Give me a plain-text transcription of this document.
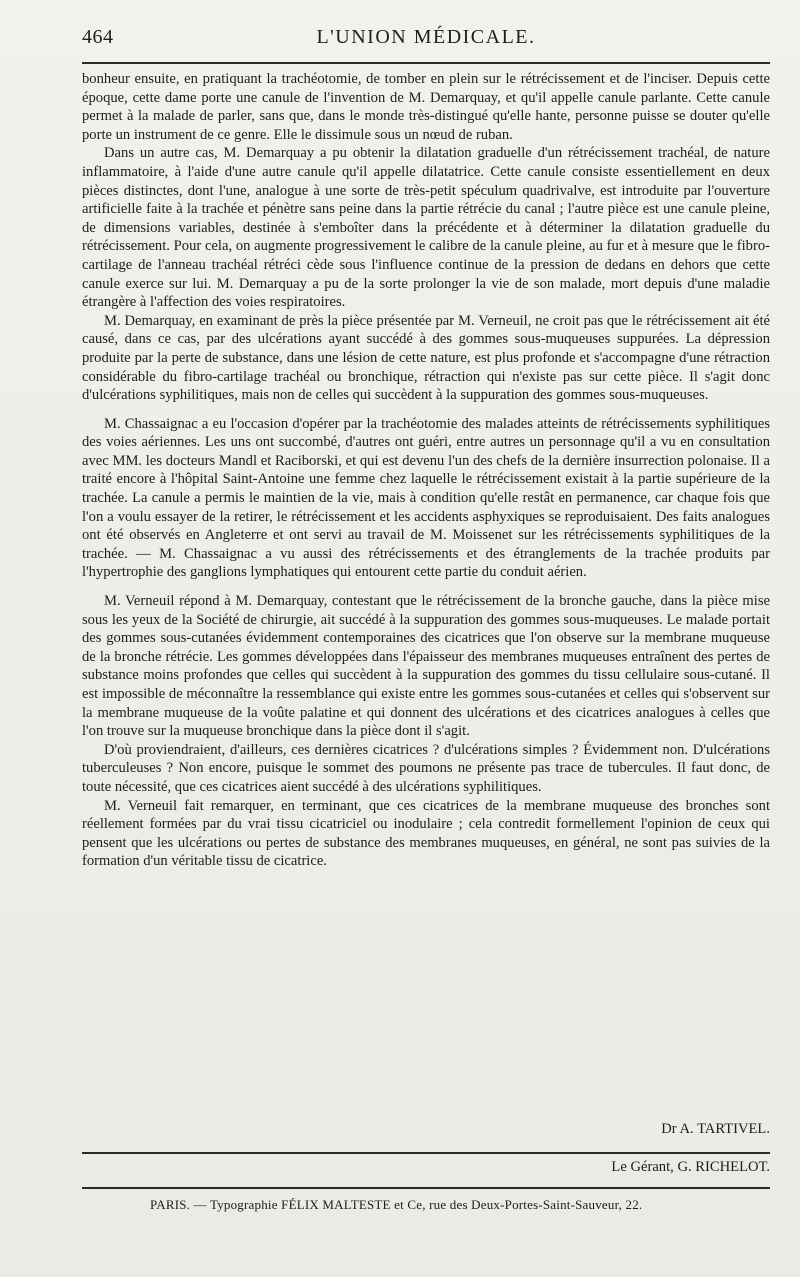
464	L'UNION MÉDICALE.

bonheur ensuite, en pratiquant la trachéotomie, de tomber en plein sur le rétrécissement et de l'inciser. Depuis cette époque, cette dame porte une canule de l'invention de M. Demarquay, et qu'il appelle canule parlante. Cette canule permet à la malade de parler, sans que, dans le monde très-distingué qu'elle hante, personne puisse se douter qu'elle porte un instrument de ce genre. Elle le dissimule sous un nœud de ruban.

Dans un autre cas, M. Demarquay a pu obtenir la dilatation graduelle d'un rétrécissement trachéal, de nature inflammatoire, à l'aide d'une autre canule qu'il appelle dilatatrice. Cette canule consiste essentiellement en deux pièces distinctes, dont l'une, analogue à une sorte de très-petit spéculum quadrivalve, est introduite par l'ouverture artificielle faite à la trachée et pénètre sans peine dans la partie rétrécie du canal ; l'autre pièce est une canule pleine, de dimensions variables, destinée à s'emboîter dans la précédente et à déterminer la dilatation graduelle du rétrécissement. Pour cela, on augmente progressivement le calibre de la canule pleine, au fur et à mesure que le fibro-cartilage de l'anneau trachéal rétréci cède sous l'influence continue de la pression de dedans en dehors que cette canule exerce sur lui. M. Demarquay a pu de la sorte prolonger la vie de son malade, mort depuis d'une maladie étrangère à l'affection des voies respiratoires.

M. Demarquay, en examinant de près la pièce présentée par M. Verneuil, ne croit pas que le rétrécissement ait été causé, dans ce cas, par des ulcérations ayant succédé à des gommes sous-muqueuses suppurées. La dépression produite par la perte de substance, dans une lésion de cette nature, est plus profonde et s'accompagne d'une rétraction considérable du fibro-cartilage trachéal ou bronchique, rétraction qui n'existe pas sur cette pièce. Il s'agit donc d'ulcérations syphilitiques, mais non de celles qui succèdent à la suppuration des gommes sous-muqueuses.

M. Chassaignac a eu l'occasion d'opérer par la trachéotomie des malades atteints de rétrécissements syphilitiques des voies aériennes. Les uns ont succombé, d'autres ont guéri, entre autres un personnage qu'il a vu en consultation avec MM. les docteurs Mandl et Raciborski, et qui est devenu l'un des chefs de la dernière insurrection polonaise. Il a traité encore à l'hôpital Saint-Antoine une femme chez laquelle le rétrécissement existait à la partie supérieure de la trachée. La canule a permis le maintien de la vie, mais à condition qu'elle restât en permanence, car chaque fois que l'on a voulu essayer de la retirer, le rétrécissement et les accidents asphyxiques se reproduisaient. Des faits analogues ont été observés en Angleterre et ont servi au travail de M. Moissenet sur les rétrécissements syphilitiques de la trachée. — M. Chassaignac a vu aussi des rétrécissements et des étranglements de la trachée produits par l'hypertrophie des ganglions lymphatiques qui entourent cette partie du conduit aérien.

M. Verneuil répond à M. Demarquay, contestant que le rétrécissement de la bronche gauche, dans la pièce mise sous les yeux de la Société de chirurgie, ait succédé à la suppuration des gommes sous-muqueuses. Le malade portait des gommes sous-cutanées évidemment contemporaines des cicatrices que l'on observe sur la membrane muqueuse de la bronche rétrécie. Les gommes développées dans l'épaisseur des membranes muqueuses entraînent des pertes de substance moins profondes que celles qui succèdent à la suppuration des gommes du tissu cellulaire sous-cutané. Il est impossible de méconnaître la ressemblance qui existe entre les gommes sous-cutanées et celles qui s'observent sur la membrane muqueuse de la voûte palatine et qui donnent des ulcérations et des cicatrices analogues à celles que l'on trouve sur la muqueuse bronchique dans la pièce dont il s'agit.

D'où proviendraient, d'ailleurs, ces dernières cicatrices ? d'ulcérations simples ? Évidemment non. D'ulcérations tuberculeuses ? Non encore, puisque le sommet des poumons ne présente pas trace de tubercules. Il faut donc, de toute nécessité, que ces cicatrices aient succédé à des ulcérations syphilitiques.

M. Verneuil fait remarquer, en terminant, que ces cicatrices de la membrane muqueuse des bronches sont réellement formées par du vrai tissu cicatriciel ou inodulaire ; cela contredit formellement l'opinion de ceux qui pensent que les ulcérations ou pertes de substance des membranes muqueuses, en général, ne sont pas suivies de la formation d'un véritable tissu de cicatrice.

Dr A. TARTIVEL.
Le Gérant, G. RICHELOT.
PARIS. — Typographie FÉLIX MALTESTE et Ce, rue des Deux-Portes-Saint-Sauveur, 22.
